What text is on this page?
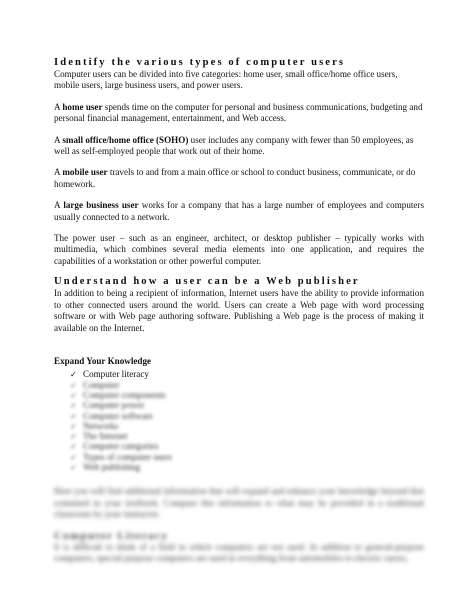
Identify the various types of computer users

Computer users can be divided into five categories: home user, small office/home office users, mobile users, large business users, and power users.

A home user spends time on the computer for personal and business communications, budgeting and personal financial management, entertainment, and Web access.

A small office/home office (SOHO) user includes any company with fewer than 50 employees, as well as self-employed people that work out of their home.

A mobile user travels to and from a main office or school to conduct business, communicate, or do homework.

A large business user works for a company that has a large number of employees and computers usually connected to a network.

The power user – such as an engineer, architect, or desktop publisher – typically works with multimedia, which combines several media elements into one application, and requires the capabilities of a workstation or other powerful computer.

Understand how a user can be a Web publisher

In addition to being a recipient of information, Internet users have the ability to provide information to other connected users around the world. Users can create a Web page with word processing software or with Web page authoring software. Publishing a Web page is the process of making it available on the Internet.

Expand Your Knowledge
✓ Computer literacy
✓ Computer
✓ Computer components
✓ Computer power
✓ Computer software
✓ Networks
✓ The Internet
✓ Computer categories
✓ Types of computer users
✓ Web publishing

Here you will find additional information that will expand and enhance your knowledge beyond that contained in your textbook. Compare this information to what may be provided in a traditional classroom by your instructor.

Computer Literacy

It is difficult to think of a field in which computers are not used. In addition to general-purpose computers, special-purpose computers are used in everything from automobiles to electric razors.
